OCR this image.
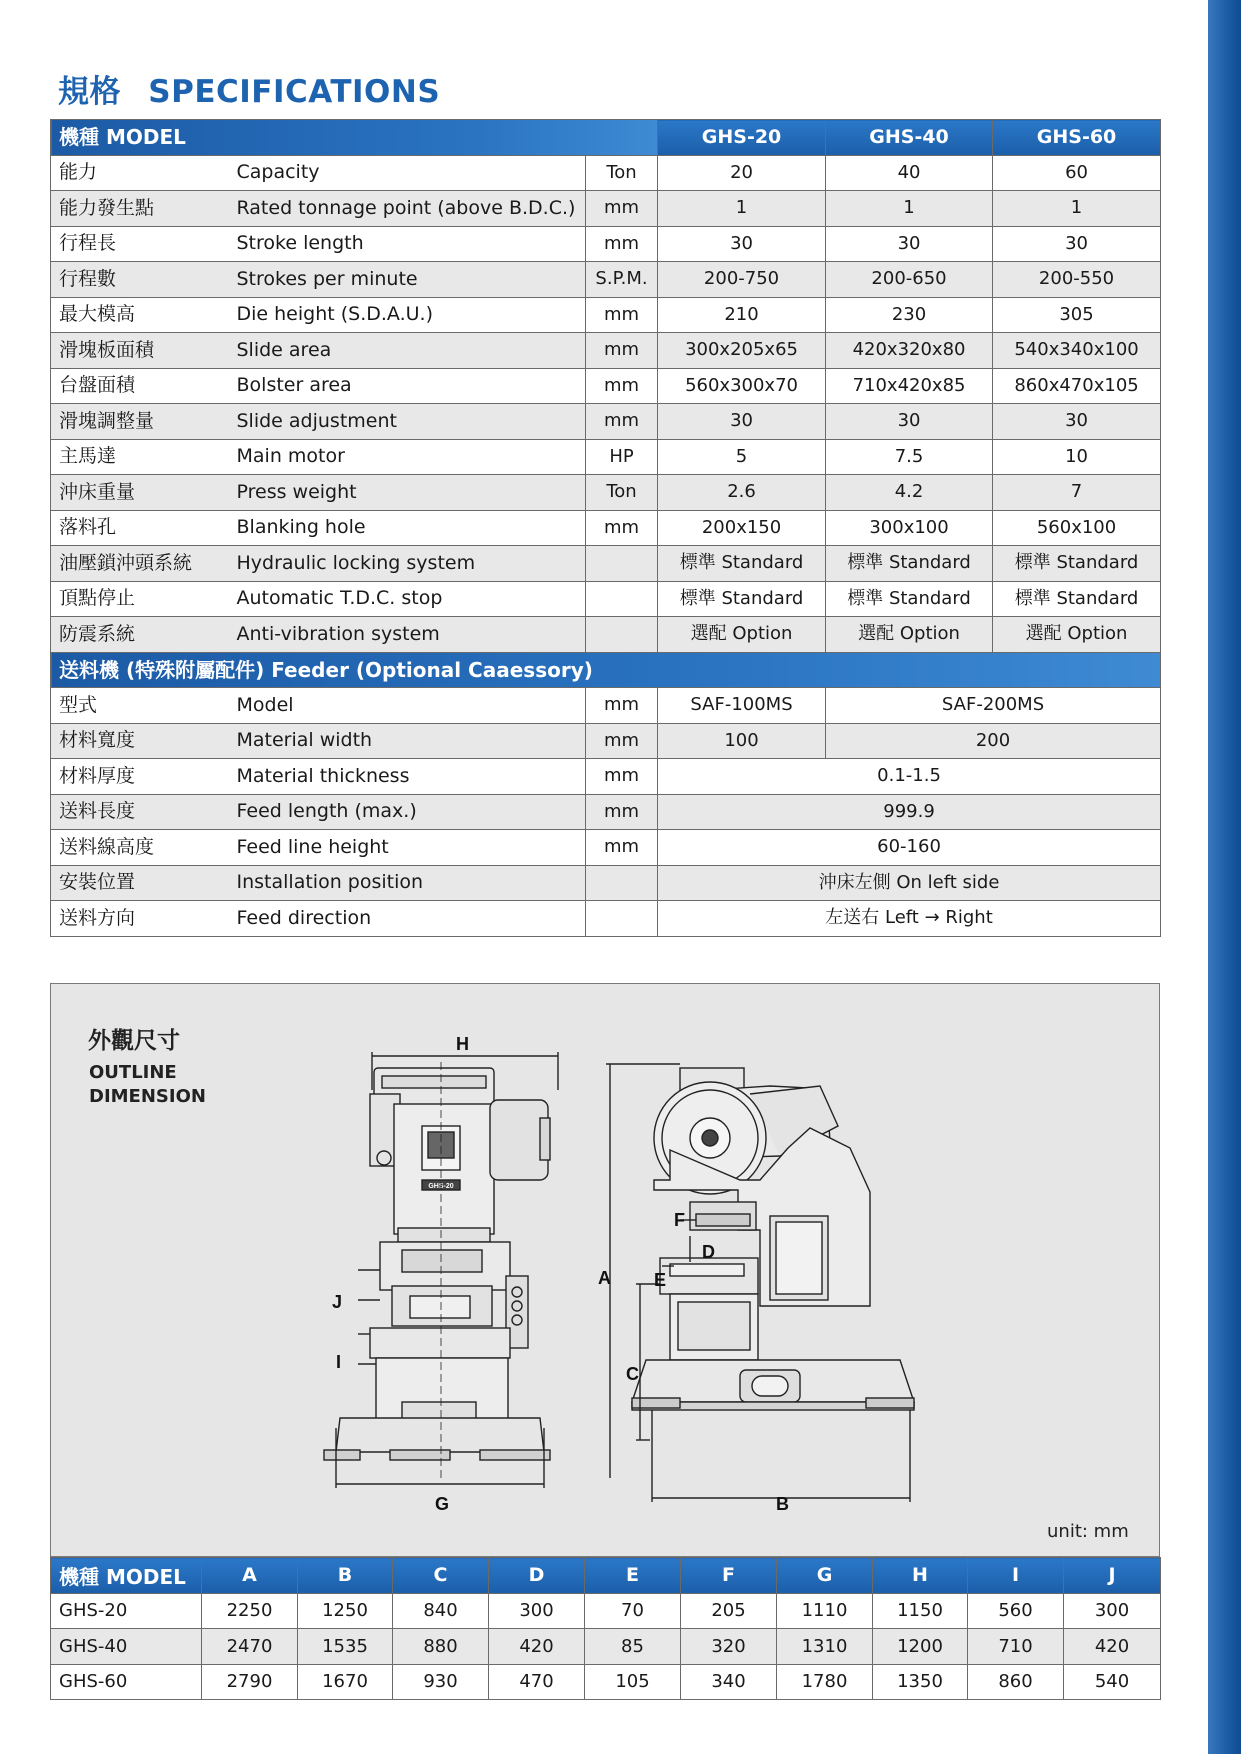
規格 SPECIFICATIONS
機種 MODEL			GHS-20	GHS-40	GHS-60
能力	Capacity	Ton	20	40	60
能力發生點	Rated tonnage point (above B.D.C.)	mm	1	1	1
行程長	Stroke length	mm	30	30	30
行程數	Strokes per minute	S.P.M.	200-750	200-650	200-550
最大模高	Die height (S.D.A.U.)	mm	210	230	305
滑塊板面積	Slide area	mm	300x205x65	420x320x80	540x340x100
台盤面積	Bolster area	mm	560x300x70	710x420x85	860x470x105
滑塊調整量	Slide adjustment	mm	30	30	30
主馬達	Main motor	HP	5	7.5	10
沖床重量	Press weight	Ton	2.6	4.2	7
落料孔	Blanking hole	mm	200x150	300x100	560x100
油壓鎖沖頭系統	Hydraulic locking system		標準 Standard	標準 Standard	標準 Standard
頂點停止	Automatic T.D.C. stop		標準 Standard	標準 Standard	標準 Standard
防震系統	Anti-vibration system		選配 Option	選配 Option	選配 Option
送料機 (特殊附屬配件) Feeder (Optional Caaessory)					
型式	Model	mm	SAF-100MS	SAF-200MS	
材料寬度	Material width	mm	100	200	
材料厚度	Material thickness	mm	0.1-1.5		
送料長度	Feed length (max.)	mm	999.9		
送料線高度	Feed line height	mm	60-160		
安裝位置	Installation position		沖床左側 On left side		
送料方向	Feed direction		左送右 Left → Right		
外觀尺寸
OUTLINE DIMENSION
GHS-20
H
J
I
G
A
C
F
D
E
B
unit: mm
機種 MODEL	A	B	C	D	E	F	G	H	I	J
GHS-20	2250	1250	840	300	70	205	1110	1150	560	300
GHS-40	2470	1535	880	420	85	320	1310	1200	710	420
GHS-60	2790	1670	930	470	105	340	1780	1350	860	540
